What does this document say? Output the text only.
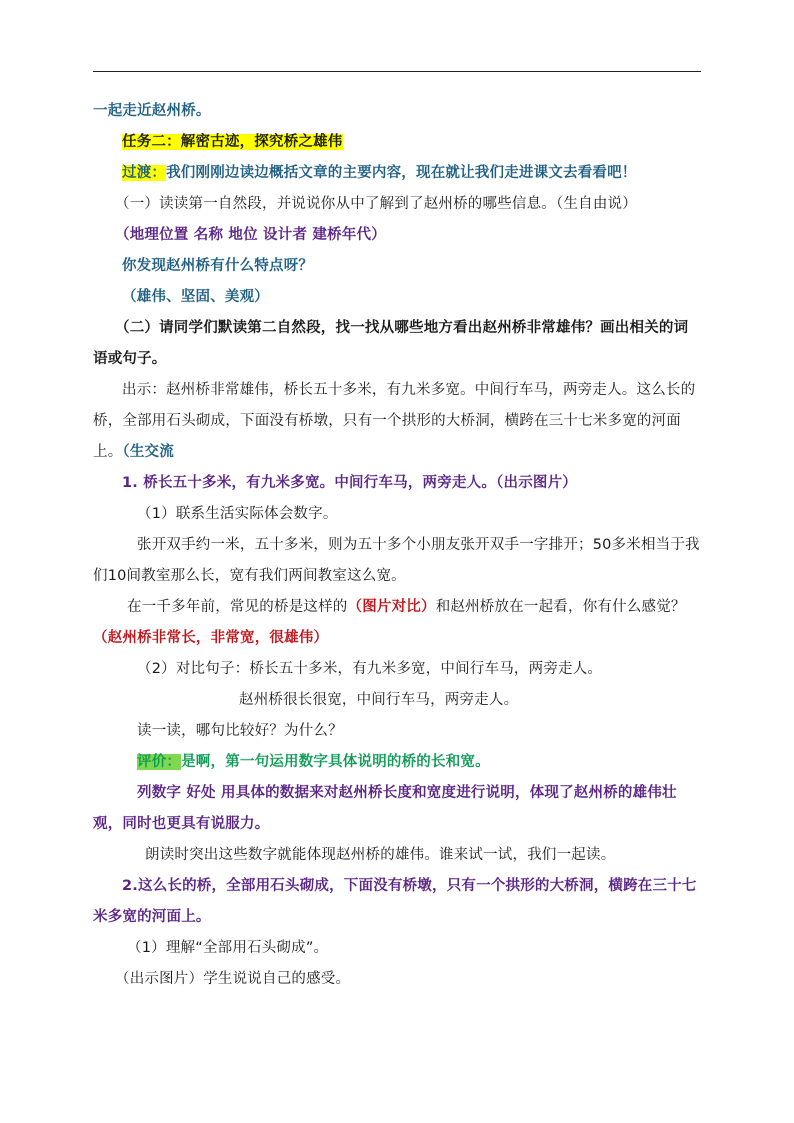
一起走近赵州桥。

任务二：解密古迹，探究桥之雄伟

过渡：我们刚刚边读边概括文章的主要内容，现在就让我们走进课文去看看吧！

（一）读读第一自然段，并说说你从中了解到了赵州桥的哪些信息。（生自由说）

（地理位置 名称 地位 设计者 建桥年代）

你发现赵州桥有什么特点呀？

（雄伟、坚固、美观）

（二）请同学们默读第二自然段，找一找从哪些地方看出赵州桥非常雄伟？画出相关的词语或句子。

出示：赵州桥非常雄伟，桥长五十多米，有九米多宽。中间行车马，两旁走人。这么长的桥，全部用石头砌成，下面没有桥墩，只有一个拱形的大桥洞，横跨在三十七米多宽的河面上。（生交流

1. 桥长五十多米，有九米多宽。中间行车马，两旁走人。（出示图片）

（1）联系生活实际体会数字。

张开双手约一米，五十多米，则为五十多个小朋友张开双手一字排开；50多米相当于我们10间教室那么长，宽有我们两间教室这么宽。

在一千多年前，常见的桥是这样的（图片对比）和赵州桥放在一起看，你有什么感觉？（赵州桥非常长，非常宽，很雄伟）

（2）对比句子：桥长五十多米，有九米多宽，中间行车马，两旁走人。

赵州桥很长很宽，中间行车马，两旁走人。

读一读，哪句比较好？为什么？

评价：是啊，第一句运用数字具体说明的桥的长和宽。

列数字 好处 用具体的数据来对赵州桥长度和宽度进行说明，体现了赵州桥的雄伟壮观，同时也更具有说服力。

朗读时突出这些数字就能体现赵州桥的雄伟。谁来试一试，我们一起读。

2.这么长的桥，全部用石头砌成，下面没有桥墩，只有一个拱形的大桥洞，横跨在三十七米多宽的河面上。

（1）理解“全部用石头砌成”。

（出示图片）学生说说自己的感受。
